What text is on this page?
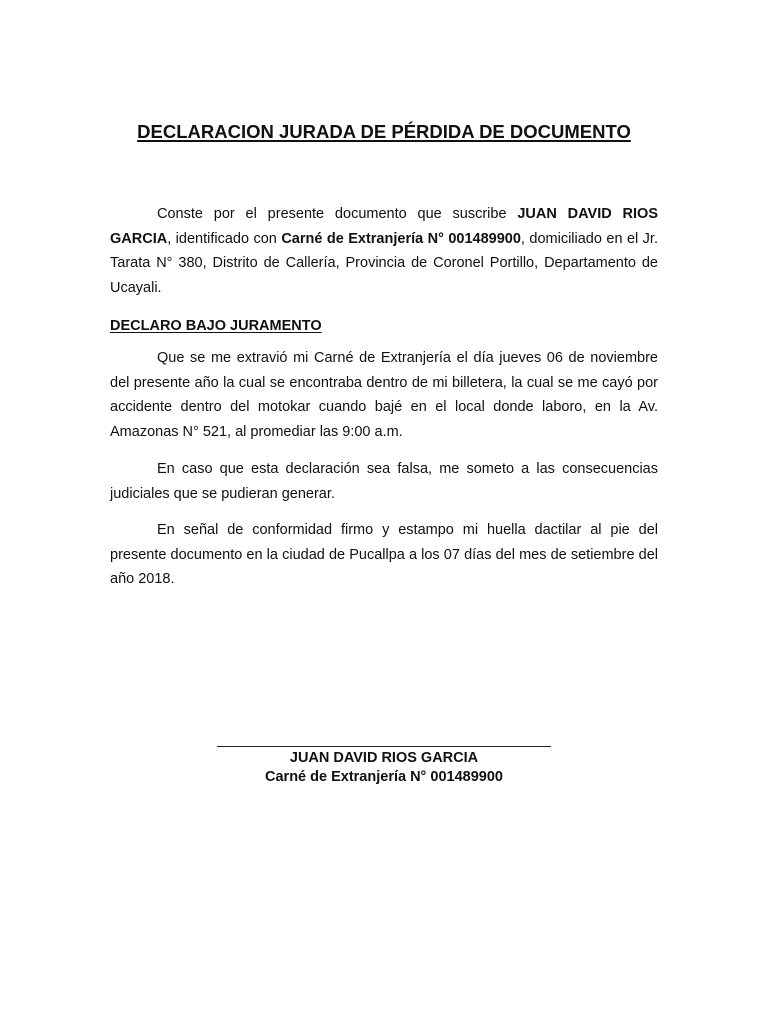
DECLARACION JURADA DE PÉRDIDA DE DOCUMENTO

Conste por el presente documento que suscribe JUAN DAVID RIOS GARCIA, identificado con Carné de Extranjería N° 001489900, domiciliado en el Jr. Tarata N° 380, Distrito de Callería, Provincia de Coronel Portillo, Departamento de Ucayali.

DECLARO BAJO JURAMENTO

Que se me extravió mi Carné de Extranjería el día jueves 06 de noviembre del presente año la cual se encontraba dentro de mi billetera, la cual se me cayó por accidente dentro del motokar cuando bajé en el local donde laboro, en la Av. Amazonas N° 521, al promediar las 9:00 a.m.

En caso que esta declaración sea falsa, me someto a las consecuencias judiciales que se pudieran generar.

En señal de conformidad firmo y estampo mi huella dactilar al pie del presente documento en la ciudad de Pucallpa a los 07 días del mes de setiembre del año 2018.

JUAN DAVID RIOS GARCIA

Carné de Extranjería N° 001489900
